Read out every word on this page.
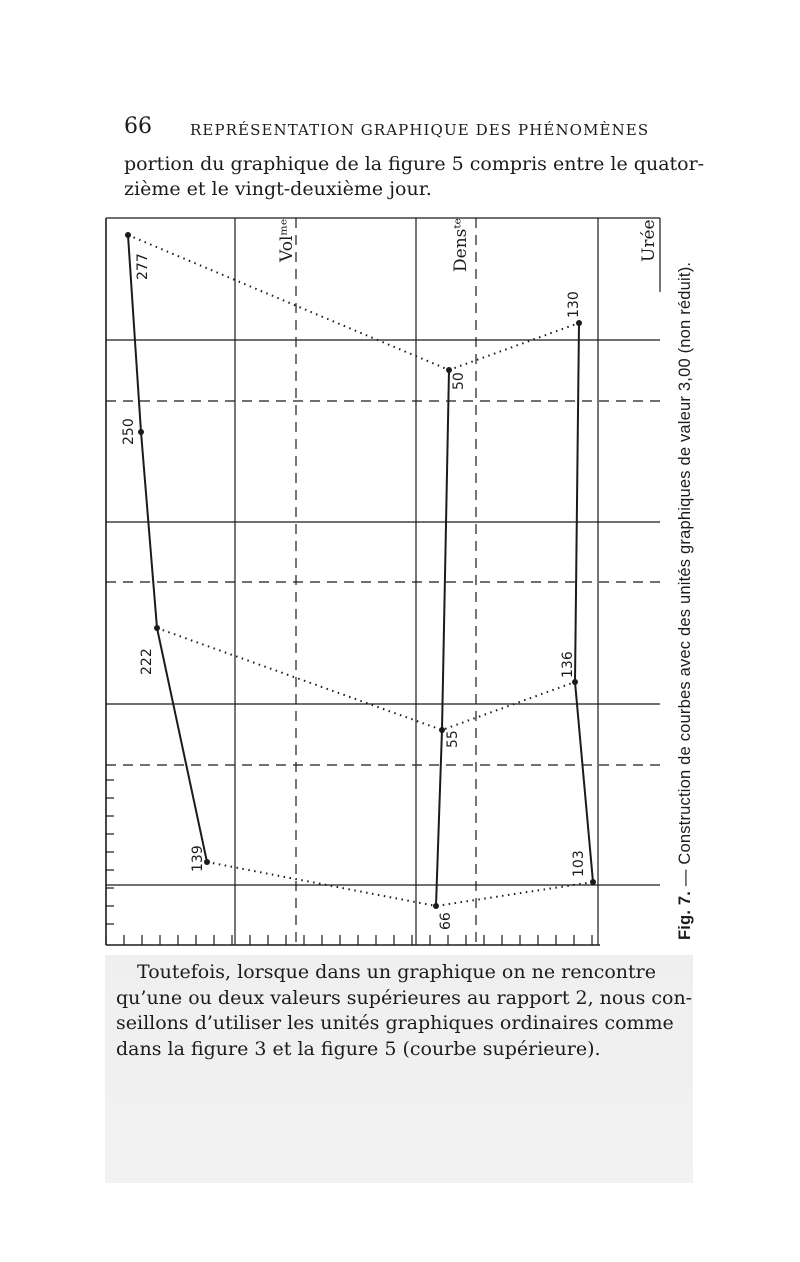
66	REPRÉSENTATION GRAPHIQUE DES PHÉNOMÈNES
portion du graphique de la figure 5 compris entre le quator-
zième et le vingt-deuxième jour.
Volᵐᵉ	Densᵗᵉ	Urée
277
250
222
139
50
55
66
130
136
103
Fig. 7. — Construction de courbes avec des unités graphiques de valeur 3,00 (non réduit).
Toutefois, lorsque dans un graphique on ne rencontre
qu’une ou deux valeurs supérieures au rapport 2, nous con-
seillons d’utiliser les unités graphiques ordinaires comme
dans la figure 3 et la figure 5 (courbe supérieure).
